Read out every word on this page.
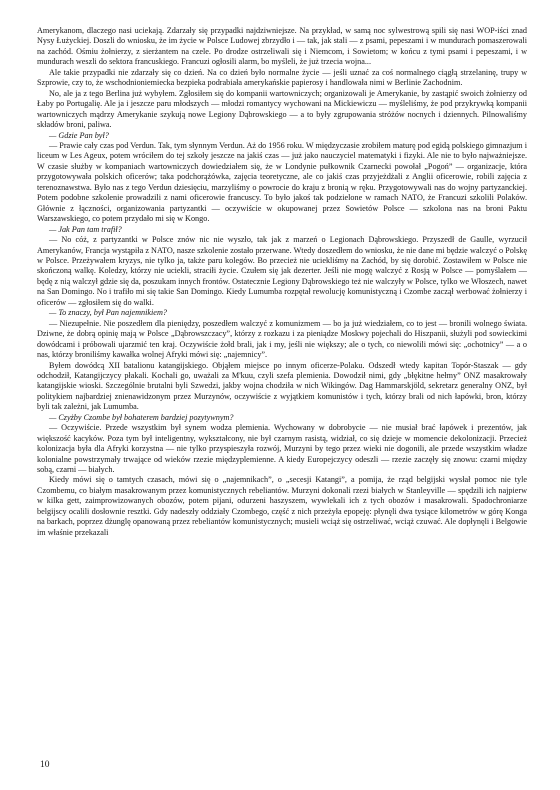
Amerykanom, dlaczego nasi uciekają. Zdarzały się przypadki najdziwniejsze. Na przykład, w samą noc sylwestrową spili się nasi WOP-iści znad Nysy Łużyckiej. Doszli do wniosku, że im życie w Polsce Ludowej zbrzydło i — tak, jak stali — z psami, pepeszami i w mundurach pomaszerowali na zachód. Ośmiu żołnierzy, z sierżantem na czele. Po drodze ostrzeliwali się i Niemcom, i Sowietom; w końcu z tymi psami i pepeszami, i w mundurach weszli do sektora francuskiego. Francuzi ogłosili alarm, bo myśleli, że już trzecia wojna...

Ale takie przypadki nie zdarzały się co dzień. Na co dzień było normalne życie — jeśli uznać za coś normalnego ciągłą strzelaninę, trupy w Szprowie, czy to, że wschodnioniemiecka bezpieka podrabiała amerykańskie papierosy i handlowała nimi w Berlinie Zachodnim.

No, ale ja z tego Berlina już wybyłem. Zgłosiłem się do kompanii wartowniczych; organizowali je Amerykanie, by zastąpić swoich żołnierzy od Łaby po Portugalię. Ale ja i jeszcze paru młodszych — młodzi romantycy wychowani na Mickiewiczu — myśleliśmy, że pod przykrywką kompanii wartowniczych mądrzy Amerykanie szykują nowe Legiony Dąbrowskiego — a to były zgrupowania stróżów nocnych i dziennych. Pilnowaliśmy składów broni, paliwa.

— Gdzie Pan był?

— Prawie cały czas pod Verdun. Tak, tym słynnym Verdun. Aż do 1956 roku. W międzyczasie zrobiłem maturę pod egidą polskiego gimnazjum i liceum w Les Ageux, potem wróciłem do tej szkoły jeszcze na jakiś czas — już jako nauczyciel matematyki i fizyki. Ale nie to było najważniejsze. W czasie służby w kompaniach wartowniczych dowiedziałem się, że w Londynie pułkownik Czarnecki powołał „Pogoń” — organizacje, która przygotowywała polskich oficerów; taka podchorążówka, zajęcia teoretyczne, ale co jakiś czas przyjeżdżali z Anglii oficerowie, robili zajęcia z terenoznawstwa. Było nas z tego Verdun dziesięciu, marzyliśmy o powrocie do kraju z bronią w ręku. Przygotowywali nas do wojny partyzanckiej. Potem podobne szkolenie prowadzili z nami oficerowie francuscy. To było jakoś tak podzielone w ramach NATO, że Francuzi szkolili Polaków. Głównie z łączności, organizowania partyzantki — oczywiście w okupowanej przez Sowietów Polsce — szkolona nas na broni Paktu Warszawskiego, co potem przydało mi się w Kongo.

— Jak Pan tam trafił?

— No cóż, z partyzantki w Polsce znów nic nie wyszło, tak jak z marzeń o Legionach Dąbrowskiego. Przyszedł de Gaulle, wyrzucił Amerykanów, Francja wystąpiła z NATO, nasze szkolenie zostało przerwane. Wtedy doszedłem do wniosku, że nie dane mi będzie walczyć o Polskę w Polsce. Przeżywałem kryzys, nie tylko ja, także paru kolegów. Bo przecież nie uciekliśmy na Zachód, by się dorobić. Zostawiłem w Polsce nie skończoną walkę. Koledzy, którzy nie uciekli, straciłi życie. Czułem się jak dezerter. Jeśli nie mogę walczyć z Rosją w Polsce — pomyślałem — będę z nią walczył gdzie się da, poszukam innych frontów. Ostatecznie Legiony Dąbrowskiego też nie walczyły w Polsce, tylko we Włoszech, nawet na San Domingo. No i trafiło mi się takie San Domingo. Kiedy Lumumba rozpętał rewolucję komunistyczną i Czombe zaczął werbować żołnierzy i oficerów — zgłosiłem się do walki.

— To znaczy, był Pan najemnikiem?

— Niezupełnie. Nie poszedłem dla pieniędzy, poszedłem walczyć z komunizmem — bo ja już wiedziałem, co to jest — bronili wolnego świata. Dziwne, że dobrą opinię mają w Polsce „Dąbrowszczacy”, którzy z rozkazu i za pieniądze Moskwy pojechali do Hiszpanii, służyli pod sowieckimi dowódcami i próbowali ujarzmić ten kraj. Oczywiście żołd brali, jak i my, jeśli nie większy; ale o tych, co niewolili mówi się: „ochotnicy” — a o nas, którzy broniliśmy kawałka wolnej Afryki mówi się: „najemnicy”.

Byłem dowódcą XII batalionu katangijskiego. Objąłem miejsce po innym oficerze-Polaku. Odszedł wtedy kapitan Topór-Staszak — gdy odchodził, Katangijczycy płakali. Kochali go, uważali za M'kuu, czyli szefa plemienia. Dowodził nimi, gdy „błękitne hełmy” ONZ masakrowały katangijskie wioski. Szczególnie brutalni byli Szwedzi, jakby wojna chodziła w nich Wikingów. Dag Hammarskjöld, sekretarz generalny ONZ, był politykiem najbardziej znienawidzonym przez Murzynów, oczywiście z wyjątkiem komunistów i tych, którzy brali od nich łapówki, bron, którzy byli tak zależni, jak Lumumba.

— Czyżby Czombe był bohaterem bardziej pozytywnym?

— Oczywiście. Przede wszystkim był synem wodza plemienia. Wychowany w dobrobycie — nie musiał brać łapówek i prezentów, jak większość kacyków. Poza tym był inteligentny, wykształcony, nie był czarnym rasistą, widział, co się dzieje w momencie dekolonizacji. Przecież kolonizacja była dla Afryki korzystna — nie tylko przyspieszyła rozwój, Murzyni by tego przez wieki nie dogonili, ale przede wszystkim władze kolonialne powstrzymały trwające od wieków rzezie międzyplemienne. A kiedy Europejczycy odeszli — rzezie zaczęły się znowu: czarni między sobą, czarni — białych.

Kiedy mówi się o tamtych czasach, mówi się o „najemnikach”, o „secesji Katangi”, a pomija, że rząd belgijski wysłał pomoc nie tyle Czombemu, co białym masakrowanym przez komunistycznych rebeliantów. Murzyni dokonali rzezi białych w Stanleyville — spędzili ich najpierw w kilka gett, zaimprowizowanych obozów, potem pijani, odurzeni haszyszem, wywlekali ich z tych obozów i masakrowali. Spadochroniarze belgijscy ocalili dosłownie resztki. Gdy nadeszły oddziały Czombego, część z nich przeżyła epopeję: płynęli dwa tysiące kilometrów w górę Konga na barkach, poprzez dżunglę opanowaną przez rebeliantów komunistycznych; musieli wciąż się ostrzeliwać, wciąż czuwać. Ale dopłynęli i Belgowie im właśnie przekazali

10
